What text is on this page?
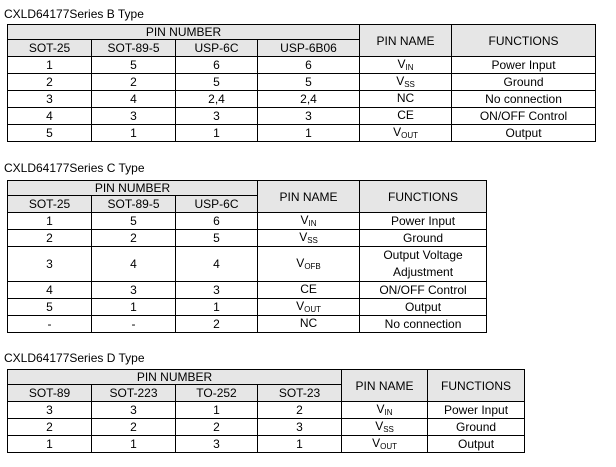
CXLD64177Series B Type
PIN NUMBER				PIN NAME	FUNCTIONS
SOT-25	SOT-89-5	USP-6C	USP-6B06		
1	5	6	6	$V_{IN}$	Power Input
2	2	5	5	$V_{SS}$	Ground
3	4	2,4	2,4	NC	No connection
4	3	3	3	CE	ON/OFF Control
5	1	1	1	$V_{OUT}$	Output
CXLD64177Series C Type
PIN NUMBER			PIN NAME	FUNCTIONS
SOT-25	SOT-89-5	USP-6C		
1	5	6	$V_{IN}$	Power Input
2	2	5	$V_{SS}$	Ground
3	4	4	$V_{OFB}$	Output Voltage
Adjustment

4	3	3	CE	ON/OFF Control
5	1	1	$V_{OUT}$	Output
-	-	2	NC	No connection
CXLD64177Series D Type
PIN NUMBER				PIN NAME	FUNCTIONS
SOT-89	SOT-223	TO-252	SOT-23		
3	3	1	2	$V_{IN}$	Power Input
2	2	2	3	$V_{SS}$	Ground
1	1	3	1	$V_{OUT}$	Output
